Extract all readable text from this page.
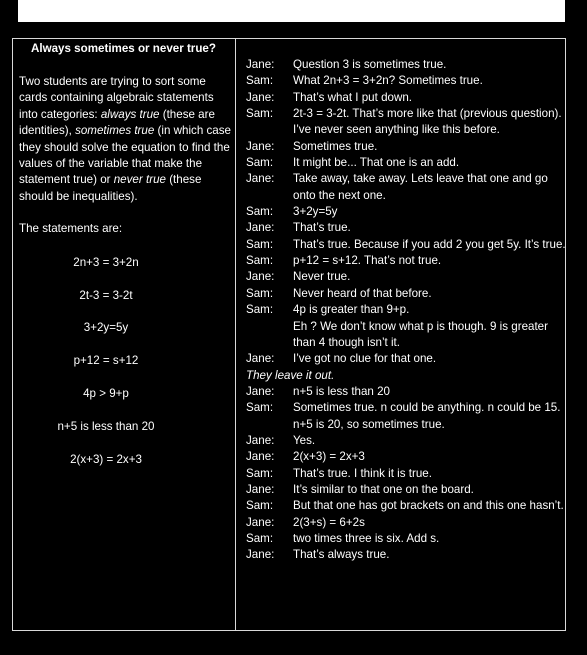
Always sometimes or never true?
Two students are trying to sort some cards containing algebraic statements into categories: always true (these are identities), sometimes true (in which case they should solve the equation to find the values of the variable that make the statement true) or never true (these should be inequalities).
The statements are:
2n+3 = 3+2n
2t-3 = 3-2t
3+2y=5y
p+12 = s+12
4p > 9+p
n+5 is less than 20
2(x+3) = 2x+3
Jane:	Question 3 is sometimes true.
Sam:	What 2n+3 = 3+2n? Sometimes true.
Jane:	That’s what I put down.
Sam:	2t-3 = 3-2t. That’s more like that (previous question). I’ve never seen anything like this before.
Jane:	Sometimes true.
Sam:	It might be... That one is an add.
Jane:	Take away, take away. Lets leave that one and go onto the next one.
Sam:	3+2y=5y
Jane:	That’s true.
Sam:	That’s true. Because if you add 2 you get 5y. It’s true.
Sam:	p+12 = s+12. That’s not true.
Jane:	Never true.
Sam:	Never heard of that before.
Sam:	4p is greater than 9+p.
Eh ? We don’t know what p is though. 9 is greater than 4 though isn’t it.
Jane:	I’ve got no clue for that one.
They leave it out.
Jane:	n+5 is less than 20
Sam:	Sometimes true. n could be anything. n could be 15. n+5 is 20, so sometimes true.
Jane:	Yes.
Jane:	2(x+3) = 2x+3
Sam:	That’s true. I think it is true.
Jane:	It’s similar to that one on the board.
Sam:	But that one has got brackets on and this one hasn’t.
Jane:	2(3+s) = 6+2s
Sam:	two times three is six. Add s.
Jane:	That’s always true.
